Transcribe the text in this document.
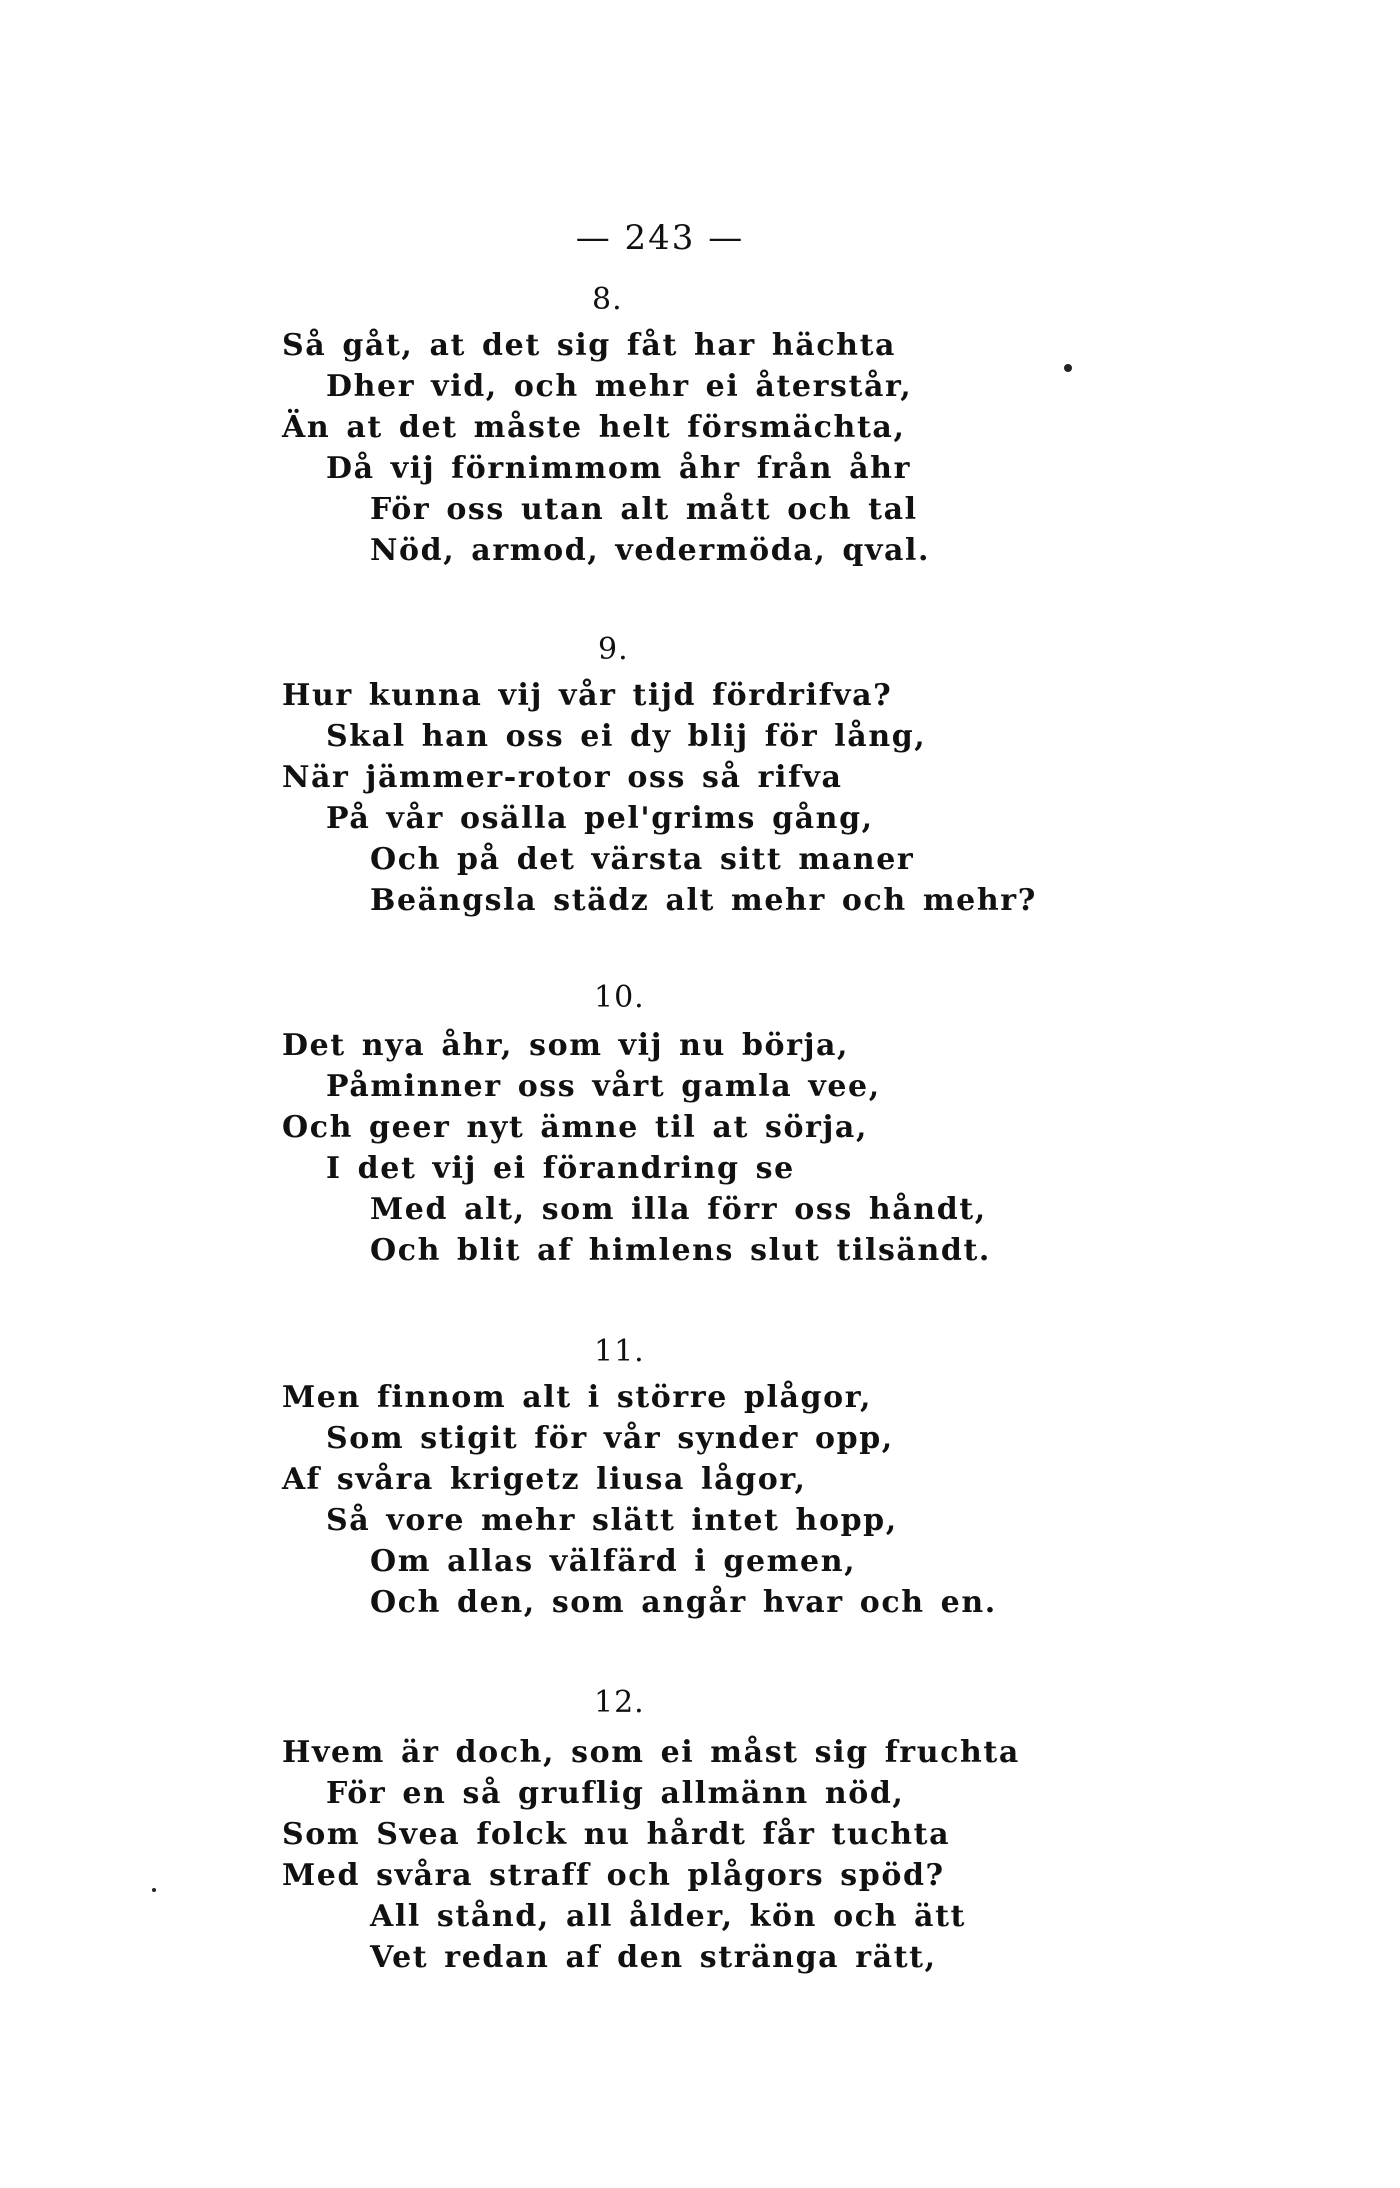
— 243 —
8.
Så gåt, at det sig fåt har hächta
Dher vid, och mehr ei återstår,
Än at det måste helt försmächta,
Då vij förnimmom åhr från åhr
För oss utan alt mått och tal
Nöd, armod, vedermöda, qval.
9.
Hur kunna vij vår tijd fördrifva?
Skal han oss ei dy blij för lång,
När jämmer-rotor oss så rifva
På vår osälla pel'grims gång,
Och på det värsta sitt maner
Beängsla städz alt mehr och mehr?
10.
Det nya åhr, som vij nu börja,
Påminner oss vårt gamla vee,
Och geer nyt ämne til at sörja,
I det vij ei förandring se
Med alt, som illa förr oss håndt,
Och blit af himlens slut tilsändt.
11.
Men finnom alt i större plågor,
Som stigit för vår synder opp,
Af svåra krigetz liusa lågor,
Så vore mehr slätt intet hopp,
Om allas välfärd i gemen,
Och den, som angår hvar och en.
12.
Hvem är doch, som ei måst sig fruchta
För en så gruflig allmänn nöd,
Som Svea folck nu hårdt får tuchta
Med svåra straff och plågors spöd?
All stånd, all ålder, kön och ätt
Vet redan af den stränga rätt,
